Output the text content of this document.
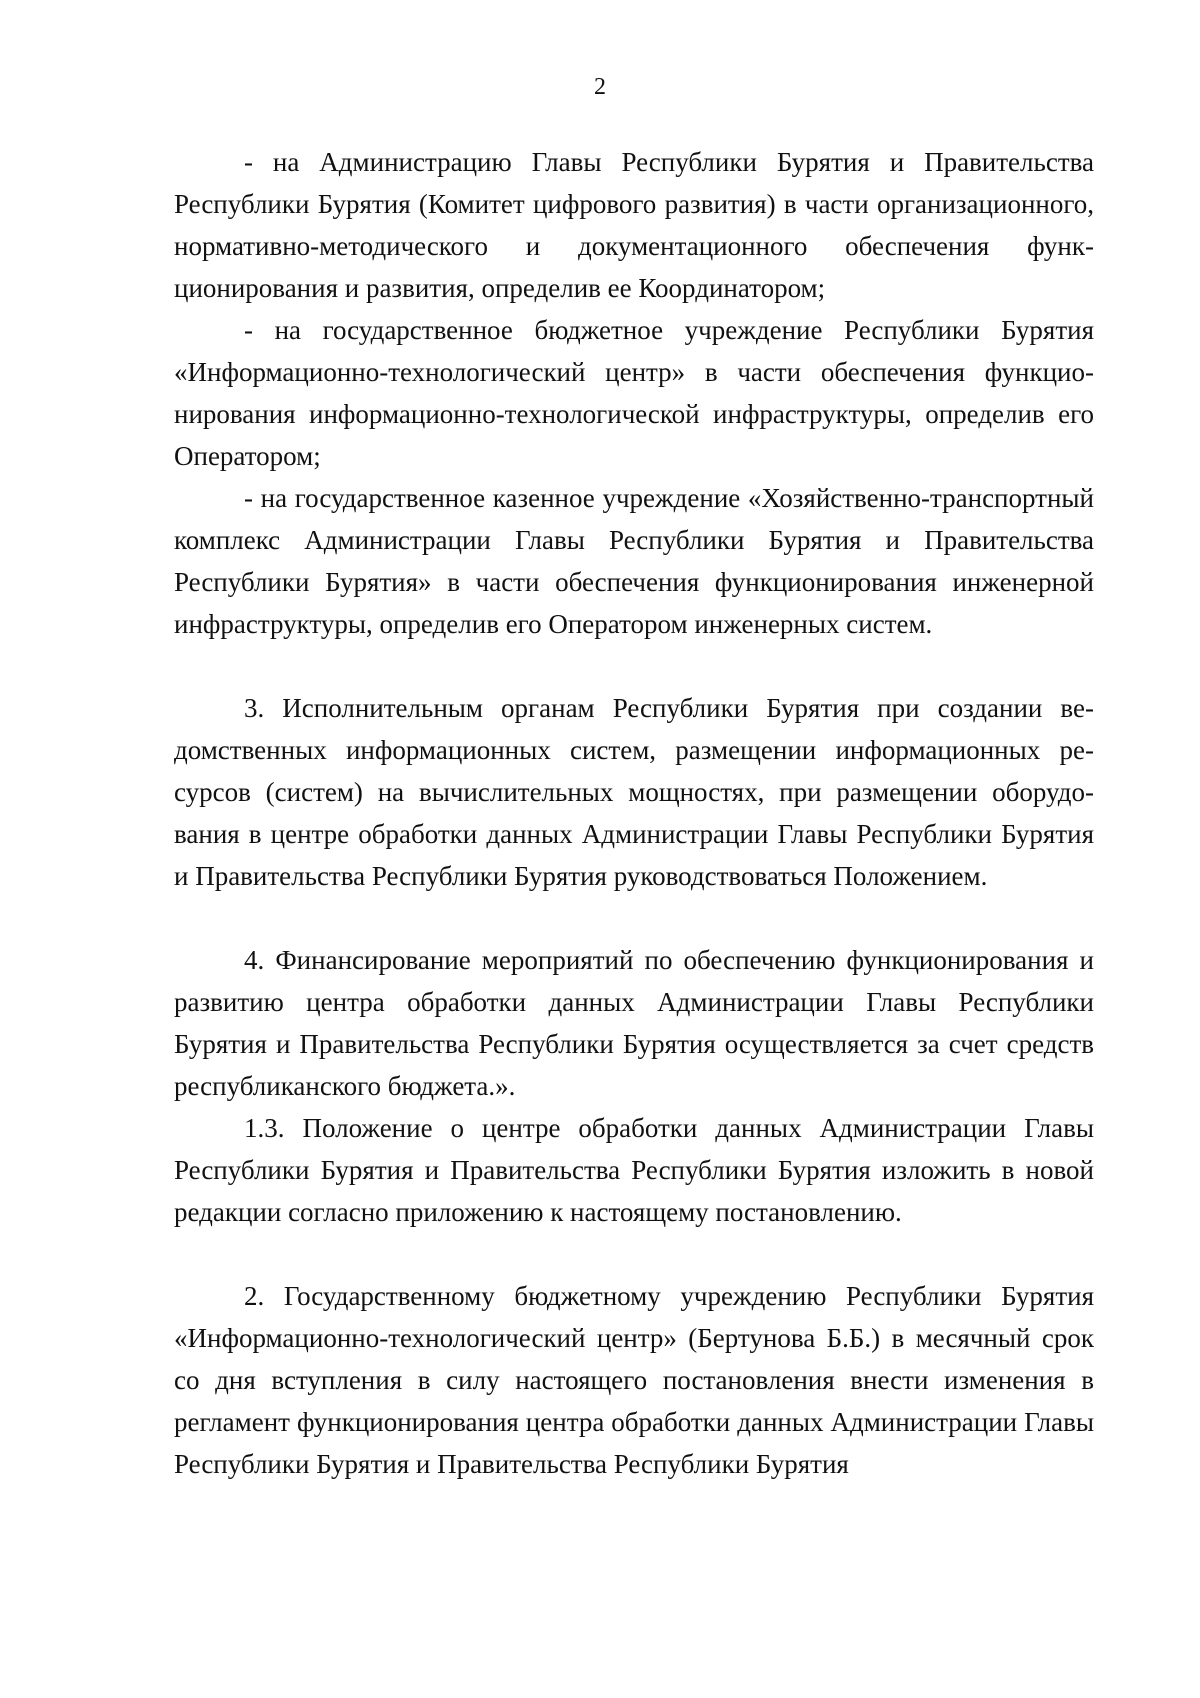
2

- на Администрацию Главы Республики Бурятия и Правительства Республики Бурятия (Комитет цифрового развития) в части организационного, нормативно-методического и документационного обеспечения функционирования и развития, определив ее Координатором;

- на государственное бюджетное учреждение Республики Бурятия «Информационно-технологический центр» в части обеспечения функционирования информационно-технологической инфраструктуры, определив его Оператором;

- на государственное казенное учреждение «Хозяйственно-транспортный комплекс Администрации Главы Республики Бурятия и Правительства Республики Бурятия» в части обеспечения функционирования инженерной инфраструктуры, определив его Оператором инженерных систем.

3. Исполнительным органам Республики Бурятия при создании ведомственных информационных систем, размещении информационных ресурсов (систем) на вычислительных мощностях, при размещении оборудования в центре обработки данных Администрации Главы Республики Бурятия и Правительства Республики Бурятия руководствоваться Положением.

4. Финансирование мероприятий по обеспечению функционирования и развитию центра обработки данных Администрации Главы Республики Бурятия и Правительства Республики Бурятия осуществляется за счет средств республиканского бюджета.».

1.3. Положение о центре обработки данных Администрации Главы Республики Бурятия и Правительства Республики Бурятия изложить в новой редакции согласно приложению к настоящему постановлению.

2. Государственному бюджетному учреждению Республики Бурятия «Информационно-технологический центр» (Бертунова Б.Б.) в месячный срок со дня вступления в силу настоящего постановления внести изменения в регламент функционирования центра обработки данных Администрации Главы Республики Бурятия и Правительства Республики Бурятия
